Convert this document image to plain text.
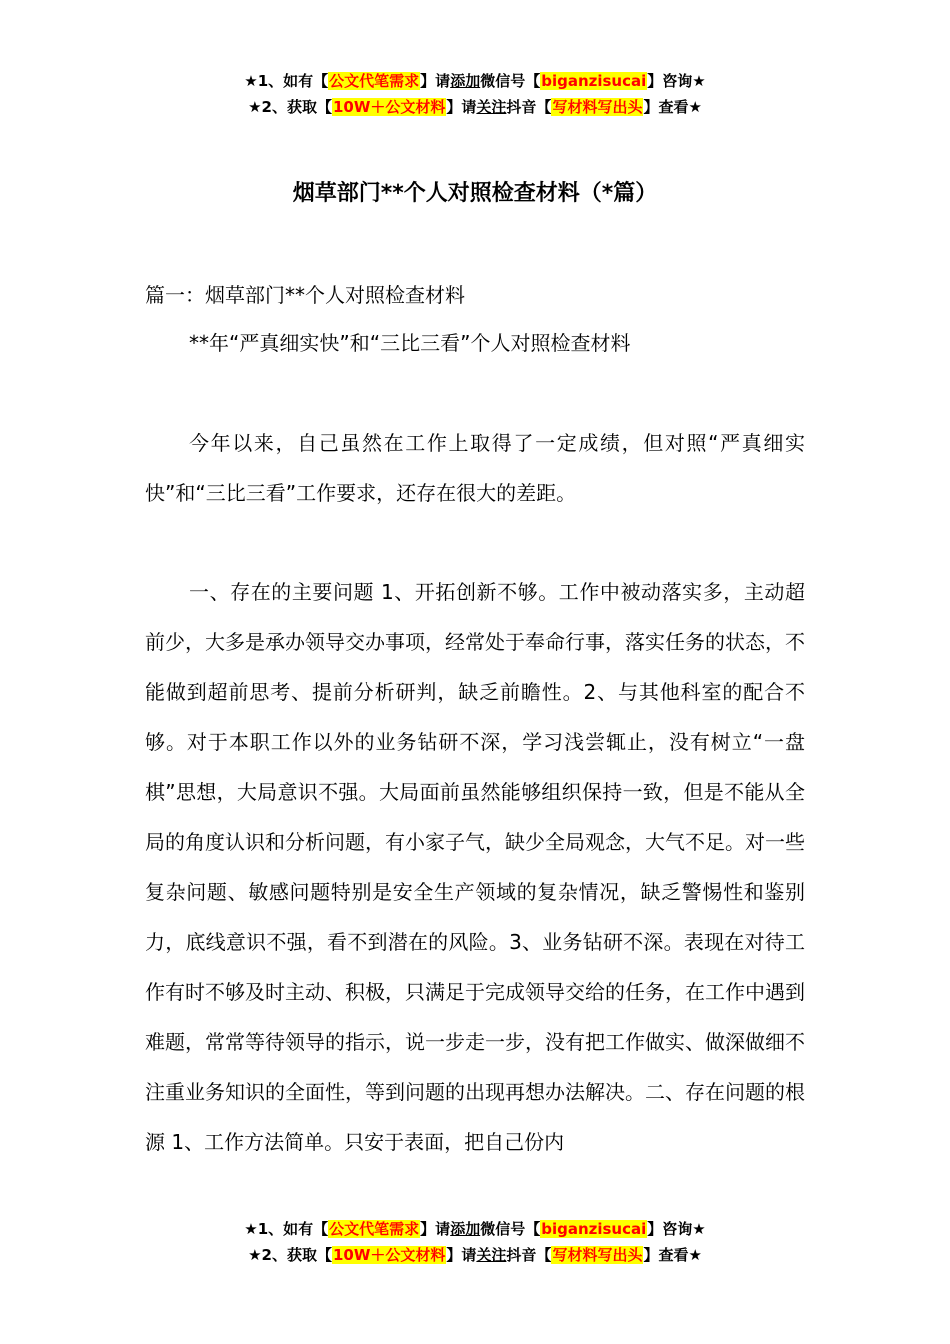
★1、如有【公文代笔需求】请添加微信号【biganzisucai】咨询★
★2、获取【10W＋公文材料】请关注抖音【写材料写出头】查看★
烟草部门**个人对照检查材料（*篇）
篇一：烟草部门**个人对照检查材料
**年“严真细实快”和“三比三看”个人对照检查材料

今年以来，自己虽然在工作上取得了一定成绩，但对照“严真细实快”和“三比三看”工作要求，还存在很大的差距。

一、存在的主要问题 1、开拓创新不够。工作中被动落实多，主动超前少，大多是承办领导交办事项，经常处于奉命行事，落实任务的状态，不能做到超前思考、提前分析研判，缺乏前瞻性。2、与其他科室的配合不够。对于本职工作以外的业务钻研不深，学习浅尝辄止，没有树立“一盘棋”思想，大局意识不强。大局面前虽然能够组织保持一致，但是不能从全局的角度认识和分析问题，有小家子气，缺少全局观念，大气不足。对一些复杂问题、敏感问题特别是安全生产领域的复杂情况，缺乏警惕性和鉴别力，底线意识不强，看不到潜在的风险。3、业务钻研不深。表现在对待工作有时不够及时主动、积极，只满足于完成领导交给的任务，在工作中遇到难题，常常等待领导的指示，说一步走一步，没有把工作做实、做深做细不注重业务知识的全面性，等到问题的出现再想办法解决。二、存在问题的根源 1、工作方法简单。只安于表面，把自己份内

★1、如有【公文代笔需求】请添加微信号【biganzisucai】咨询★
★2、获取【10W＋公文材料】请关注抖音【写材料写出头】查看★
